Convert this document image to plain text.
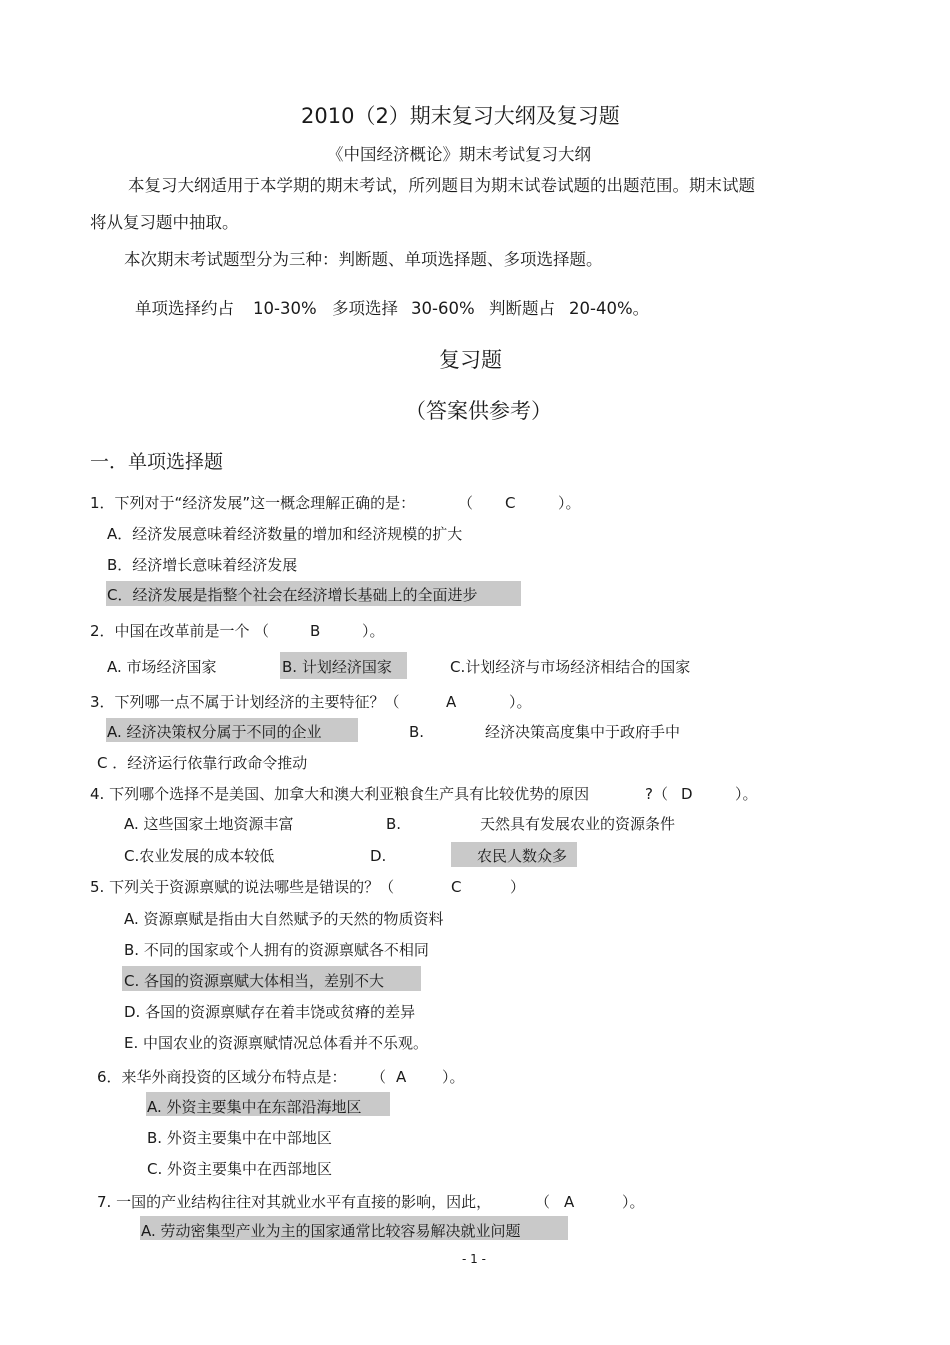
2010（2）期末复习大纲及复习题
《中国经济概论》期末考试复习大纲
本复习大纲适用于本学期的期末考试，所列题目为期末试卷试题的出题范围。期末试题
将从复习题中抽取。
本次期末考试题型分为三种：判断题、单项选择题、多项选择题。
单项选择约占 10-30% 多项选择 30-60% 判断题占 20-40%。
复习题
（答案供参考）
一．单项选择题
1．下列对于“经济发展”这一概念理解正确的是：	（ C	）。
A．经济发展意味着经济数量的增加和经济规模的扩大
B．经济增长意味着经济发展
C．经济发展是指整个社会在经济增长基础上的全面进步
2．中国在改革前是一个 （	B	）。
A. 市场经济国家	B. 计划经济国家	C.计划经济与市场经济相结合的国家
3．下列哪一点不属于计划经济的主要特征？（	A	）。
A. 经济决策权分属于不同的企业	B.	经济决策高度集中于政府手中
C ．经济运行依靠行政命令推动
4. 下列哪个选择不是美国、加拿大和澳大利亚粮食生产具有比较优势的原因	?（ D	）。
A. 这些国家土地资源丰富	B.	天然具有发展农业的资源条件
C.农业发展的成本较低	D.	农民人数众多
5. 下列关于资源禀赋的说法哪些是错误的？（	C	）
A. 资源禀赋是指由大自然赋予的天然的物质资料
B. 不同的国家或个人拥有的资源禀赋各不相同
C. 各国的资源禀赋大体相当，差别不大
D. 各国的资源禀赋存在着丰饶或贫瘠的差异
E. 中国农业的资源禀赋情况总体看并不乐观。
6．来华外商投资的区域分布特点是： （ A ）。
A. 外资主要集中在东部沿海地区
B. 外资主要集中在中部地区
C. 外资主要集中在西部地区
7. 一国的产业结构往往对其就业水平有直接的影响，因此，	（ A	）。
A. 劳动密集型产业为主的国家通常比较容易解决就业问题
- 1 -
